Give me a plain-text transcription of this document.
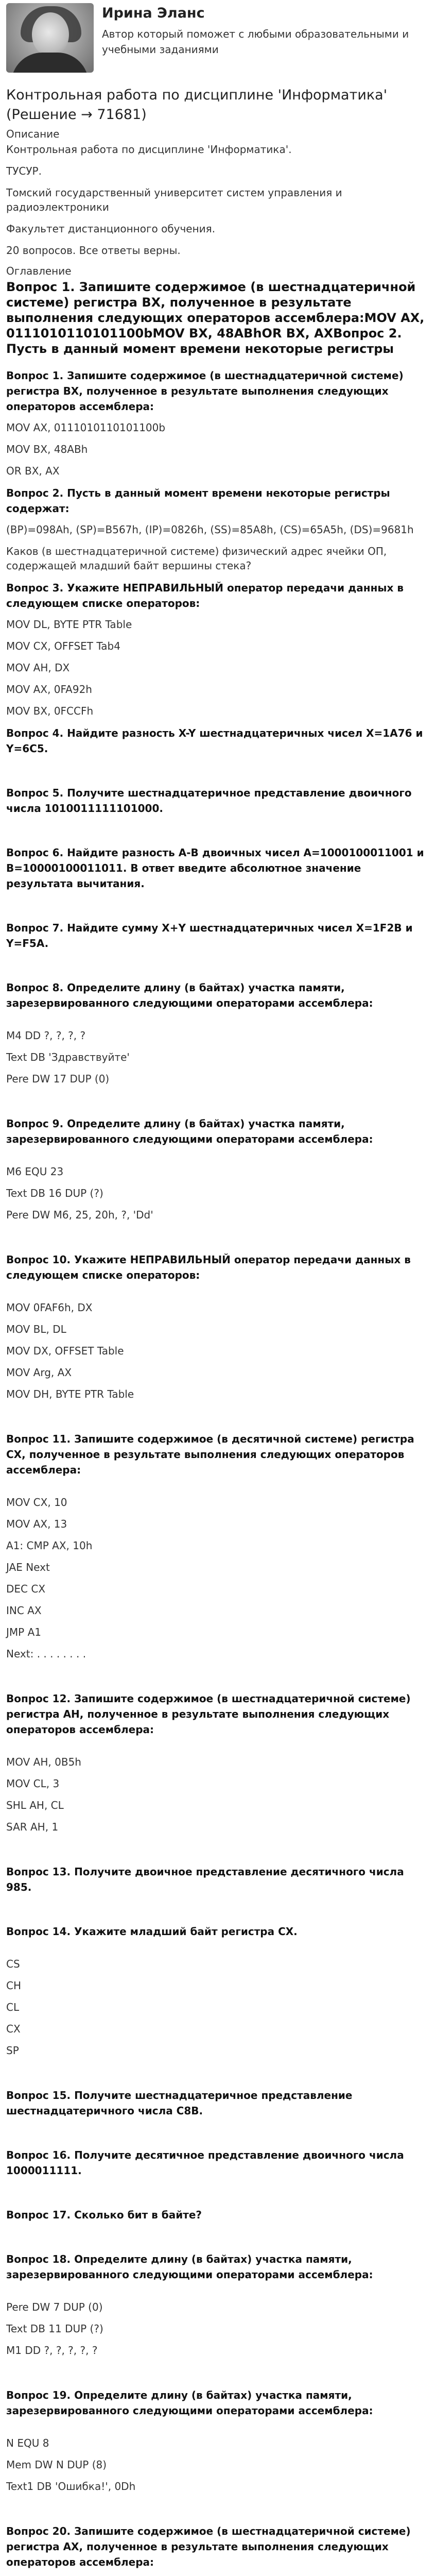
Ирина Эланс
Автор который поможет с любыми образовательными и учебными заданиями
Контрольная работа по дисциплине 'Информатика' (Решение → 71681)
Описание
Контрольная работа по дисциплине 'Информатика'.
ТУСУР.
Томский государственный университет систем управления и радиоэлектроники
Факультет дистанционного обучения.
20 вопросов. Все ответы верны.
Оглавление
Вопрос 1. Запишите содержимое (в шестнадцатеричной системе) регистра BX, полученное в результате выполнения следующих операторов ассемблера:MOV AX, 0111010110101100bMOV BX, 48AВhOR BX, AXВопрос 2. Пусть в данный момент времени некоторые регистры
Вопрос 1. Запишите содержимое (в шестнадцатеричной системе) регистра BX, полученное в результате выполнения следующих операторов ассемблера:
MOV AX, 0111010110101100b
MOV BX, 48ABh
OR BX, AX
Вопрос 2. Пусть в данный момент времени некоторые регистры содержат:
(BP)=098Ah, (SP)=B567h, (IP)=0826h, (SS)=85A8h, (CS)=65A5h, (DS)=9681h
Каков (в шестнадцатеричной системе) физический адрес ячейки ОП, содержащей младший байт вершины стека?
Вопрос 3. Укажите НЕПРАВИЛЬНЫЙ оператор передачи данных в следующем списке операторов:
MOV DL, BYTE PTR Table
MOV CX, OFFSET Tab4
MOV AH, DX
MOV AX, 0FA92h
MOV BX, 0FCCFh
Вопрос 4. Найдите разность X-Y шестнадцатеричных чисел X=1A76 и Y=6C5.
Вопрос 5. Получите шестнадцатеричное представление двоичного числа 1010011111101000.
Вопрос 6. Найдите разность A-B двоичных чисел A=1000100011001 и B=10000100011011. В ответ введите абсолютное значение результата вычитания.
Вопрос 7. Найдите сумму X+Y шестнадцатеричных чисел X=1F2B и Y=F5A.
Вопрос 8. Определите длину (в байтах) участка памяти, зарезервированного следующими операторами ассемблера:
M4 DD ?, ?, ?, ?
Text DB 'Здравствуйте'
Pere DW 17 DUP (0)
Вопрос 9. Определите длину (в байтах) участка памяти, зарезервированного следующими операторами ассемблера:
M6 EQU 23
Text DB 16 DUP (?)
Pere DW M6, 25, 20h, ?, 'Dd'
Вопрос 10. Укажите НЕПРАВИЛЬНЫЙ оператор передачи данных в следующем списке операторов:
MOV 0FAF6h, DX
MOV BL, DL
MOV DX, OFFSET Table
MOV Arg, AX
MOV DH, BYTE PTR Table
Вопрос 11. Запишите содержимое (в десятичной системе) регистра CX, полученное в результате выполнения следующих операторов ассемблера:
MOV CX, 10
MOV AX, 13
A1: CMP AX, 10h
JAE Next
DEC CX
INC AX
JMP A1
Next: . . . . . . . .
Вопрос 12. Запишите содержимое (в шестнадцатеричной системе) регистра AH, полученное в результате выполнения следующих операторов ассемблера:
MOV AH, 0B5h
MOV CL, 3
SHL AH, CL
SAR AH, 1
Вопрос 13. Получите двоичное представление десятичного числа 985.
Вопрос 14. Укажите младший байт регистра CX.
CS
CH
CL
CX
SP
Вопрос 15. Получите шестнадцатеричное представление шестнадцатеричного числа C8B.
Вопрос 16. Получите десятичное представление двоичного числа 1000011111.
Вопрос 17. Сколько бит в байте?
Вопрос 18. Определите длину (в байтах) участка памяти, зарезервированного следующими операторами ассемблера:
Pere DW 7 DUP (0)
Text DB 11 DUP (?)
M1 DD ?, ?, ?, ?, ?
Вопрос 19. Определите длину (в байтах) участка памяти, зарезервированного следующими операторами ассемблера:
N EQU 8
Mem DW N DUP (8)
Text1 DB 'Ошибка!', 0Dh
Вопрос 20. Запишите содержимое (в шестнадцатеричной системе) регистра AX, полученное в результате выполнения следующих операторов ассемблера:
